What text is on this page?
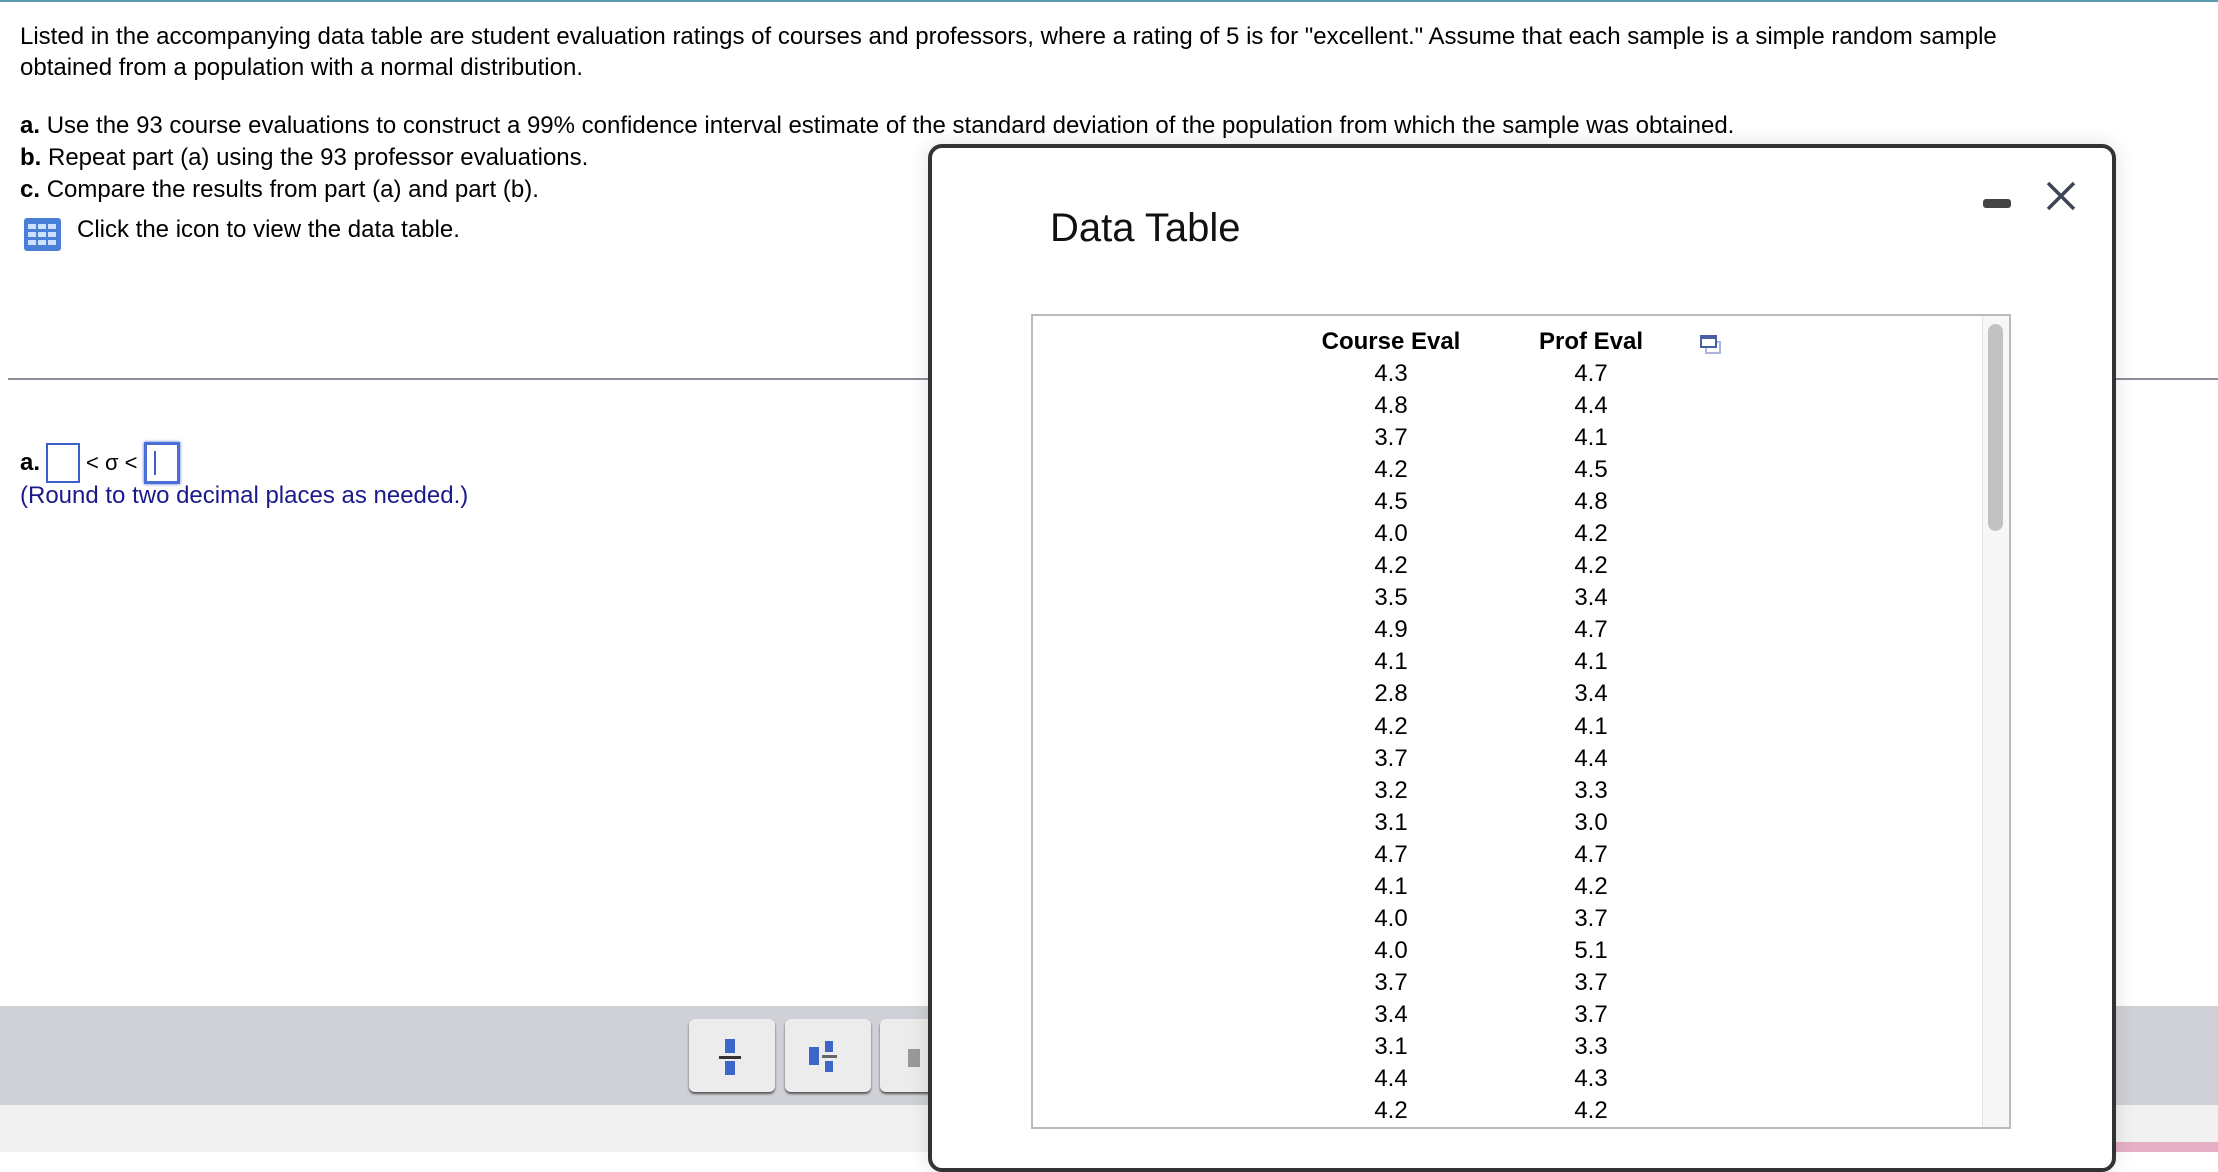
Listed in the accompanying data table are student evaluation ratings of courses and professors, where a rating of 5 is for "excellent." Assume that each sample is a simple random sample
obtained from a population with a normal distribution.
a. Use the 93 course evaluations to construct a 99% confidence interval estimate of the standard deviation of the population from which the sample was obtained.
b. Repeat part (a) using the 93 professor evaluations.
c. Compare the results from part (a) and part (b).
Click the icon to view the data table.
a. < σ <
(Round to two decimal places as needed.)
Data Table
Course Eval
4.3
4.8
3.7
4.2
4.5
4.0
4.2
3.5
4.9
4.1
2.8
4.2
3.7
3.2
3.1
4.7
4.1
4.0
4.0
3.7
3.4
3.1
4.4
4.2
Prof Eval
4.7
4.4
4.1
4.5
4.8
4.2
4.2
3.4
4.7
4.1
3.4
4.1
4.4
3.3
3.0
4.7
4.2
3.7
5.1
3.7
3.7
3.3
4.3
4.2
